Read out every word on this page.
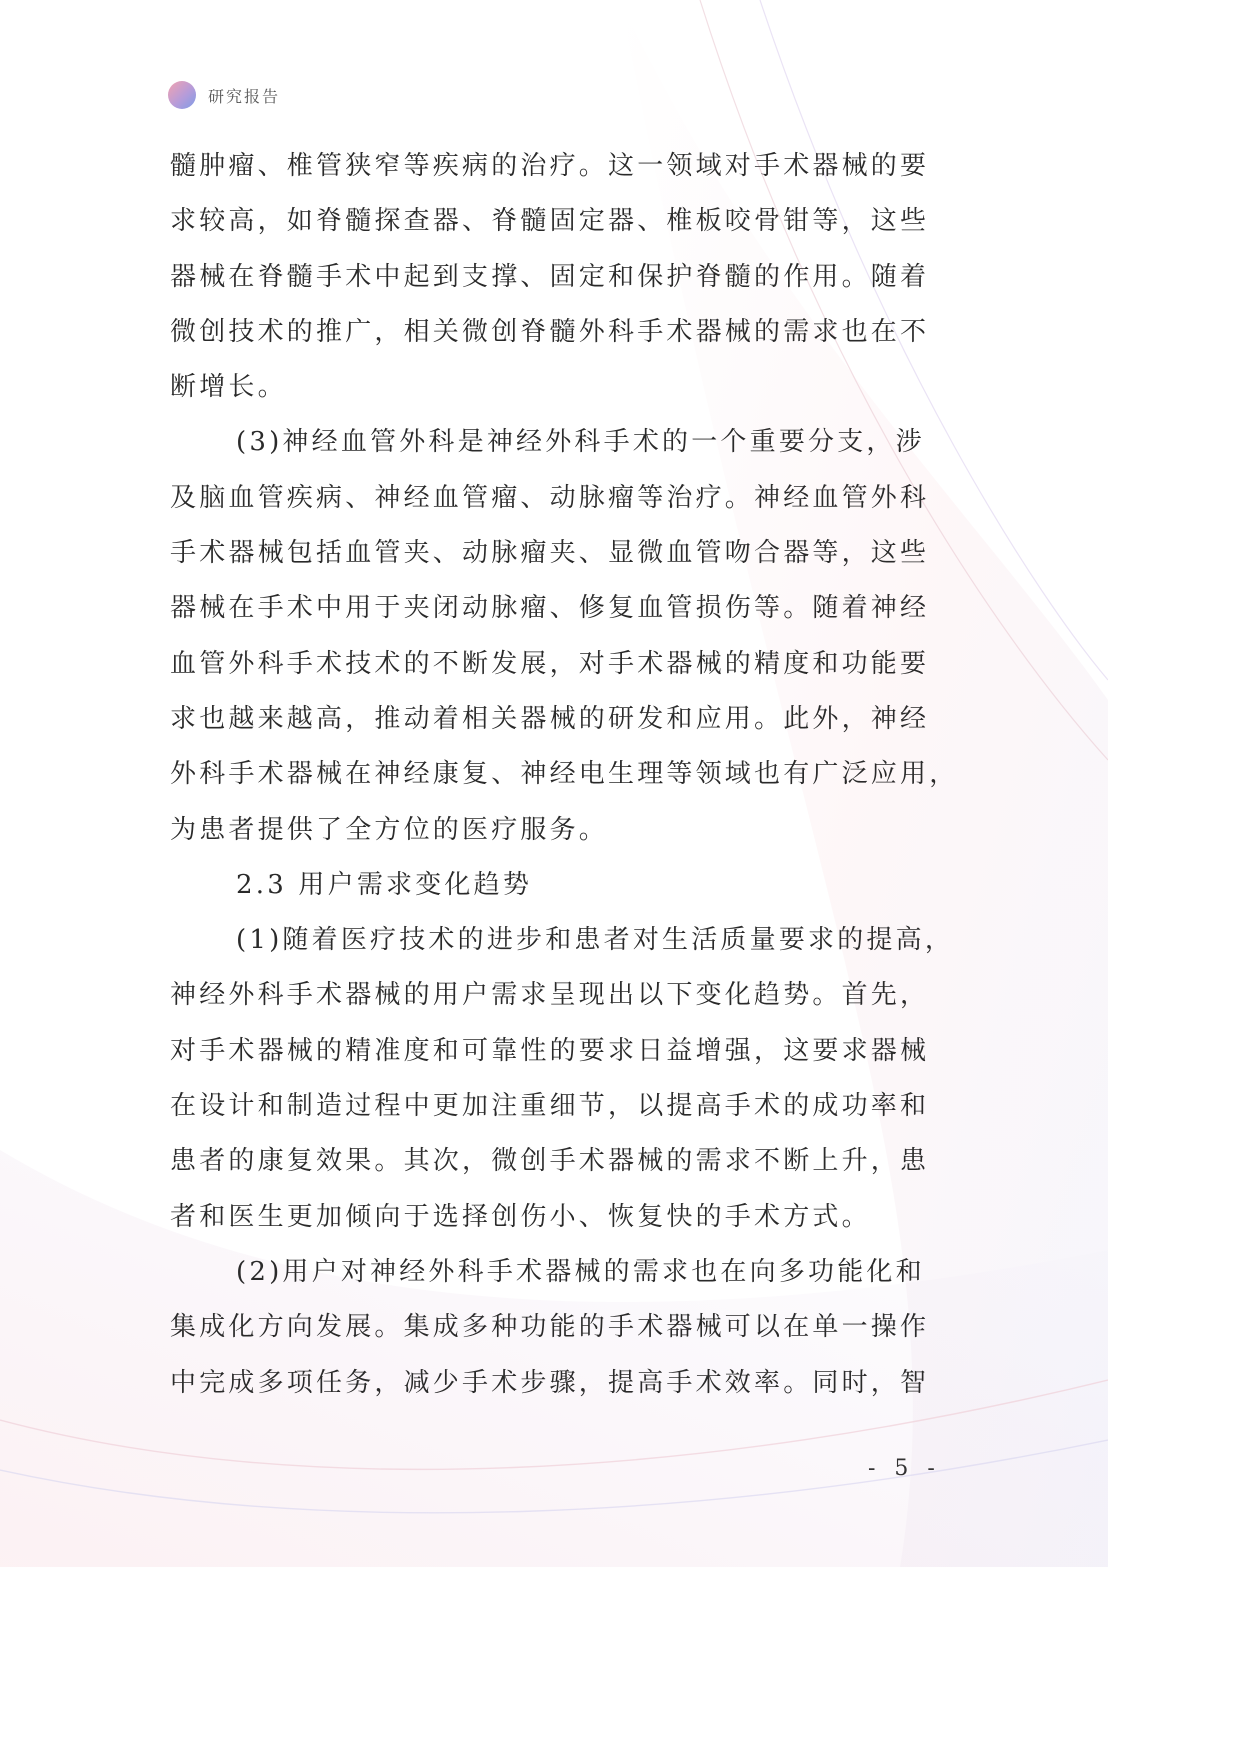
研究报告
髓肿瘤、椎管狭窄等疾病的治疗。这一领域对手术器械的要
求较高，如脊髓探查器、脊髓固定器、椎板咬骨钳等，这些
器械在脊髓手术中起到支撑、固定和保护脊髓的作用。随着
微创技术的推广，相关微创脊髓外科手术器械的需求也在不
断增长。
(3)神经血管外科是神经外科手术的一个重要分支，涉
及脑血管疾病、神经血管瘤、动脉瘤等治疗。神经血管外科
手术器械包括血管夹、动脉瘤夹、显微血管吻合器等，这些
器械在手术中用于夹闭动脉瘤、修复血管损伤等。随着神经
血管外科手术技术的不断发展，对手术器械的精度和功能要
求也越来越高，推动着相关器械的研发和应用。此外，神经
外科手术器械在神经康复、神经电生理等领域也有广泛应用，
为患者提供了全方位的医疗服务。
2.3 用户需求变化趋势
(1)随着医疗技术的进步和患者对生活质量要求的提高，
神经外科手术器械的用户需求呈现出以下变化趋势。首先，
对手术器械的精准度和可靠性的要求日益增强，这要求器械
在设计和制造过程中更加注重细节，以提高手术的成功率和
患者的康复效果。其次，微创手术器械的需求不断上升，患
者和医生更加倾向于选择创伤小、恢复快的手术方式。
(2)用户对神经外科手术器械的需求也在向多功能化和
集成化方向发展。集成多种功能的手术器械可以在单一操作
中完成多项任务，减少手术步骤，提高手术效率。同时，智
- 5 -
